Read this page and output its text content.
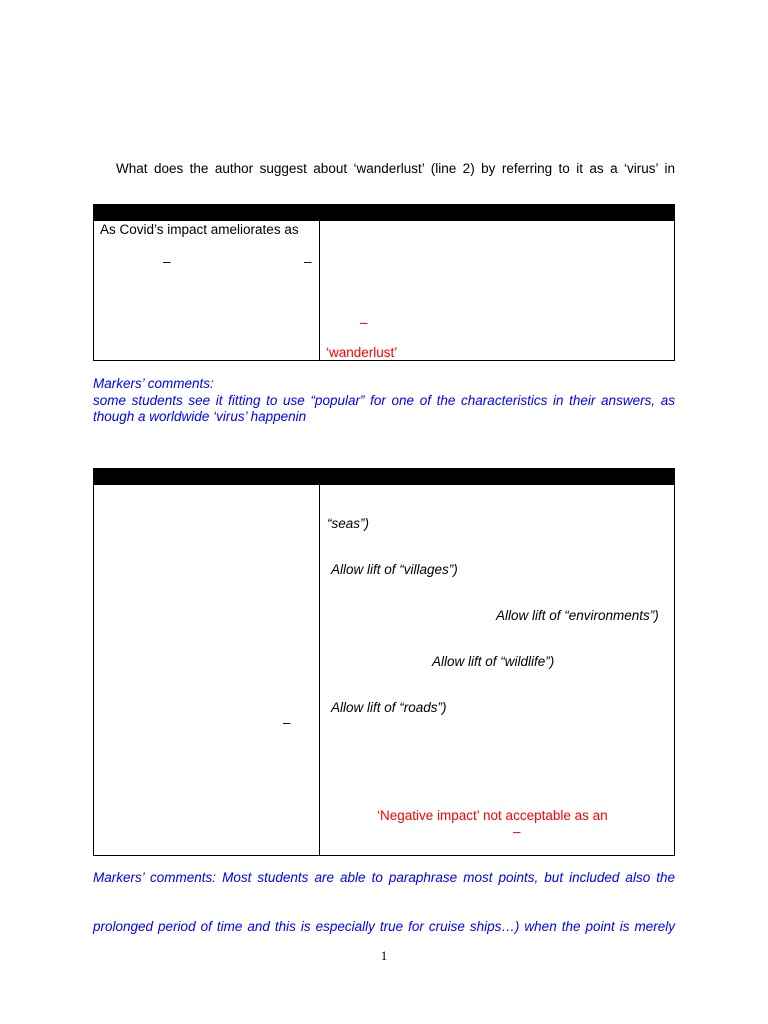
What does the author suggest about ‘wanderlust’ (line 2) by referring to it as a ‘virus’ in
As Covid’s impact ameliorates as
–	–
–
‘wanderlust’
Markers’ comments:
some students see it fitting to use “popular” for one of the characteristics in their answers, as
though a worldwide ‘virus’ happenin
–
“seas”)
Allow lift of “villages”)
Allow lift of “environments”)
Allow lift of “wildlife”)
Allow lift of “roads”)
‘Negative impact’ not acceptable as an
–
Markers’ comments: Most students are able to paraphrase most points, but included also the
prolonged period of time and this is especially true for cruise ships…) when the point is merely
1
